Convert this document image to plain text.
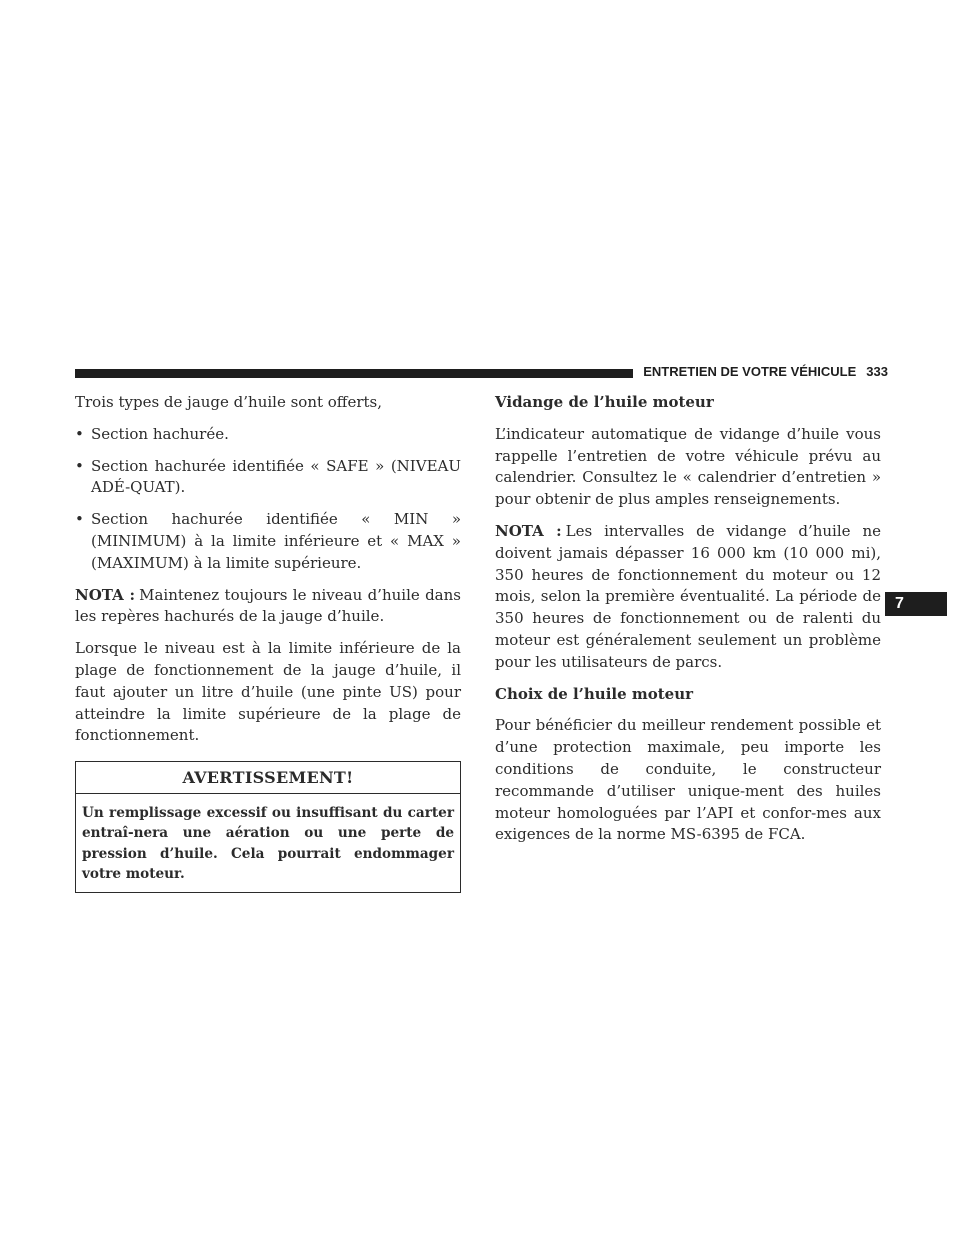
ENTRETIEN DE VOTRE VÉHICULE 333

Trois types de jauge d’huile sont offerts,

• Section hachurée.
• Section hachurée identifiée « SAFE » (NIVEAU ADÉ-QUAT).
• Section hachurée identifiée « MIN » (MINIMUM) à la limite inférieure et « MAX » (MAXIMUM) à la limite supérieure.

NOTA : Maintenez toujours le niveau d’huile dans les repères hachurés de la jauge d’huile.

Lorsque le niveau est à la limite inférieure de la plage de fonctionnement de la jauge d’huile, il faut ajouter un litre d’huile (une pinte US) pour atteindre la limite supérieure de la plage de fonctionnement.

AVERTISSEMENT!
Un remplissage excessif ou insuffisant du carter entraî-nera une aération ou une perte de pression d’huile. Cela pourrait endommager votre moteur.
Vidange de l’huile moteur

L’indicateur automatique de vidange d’huile vous rappelle l’entretien de votre véhicule prévu au calendrier. Consultez le « calendrier d’entretien » pour obtenir de plus amples renseignements.

NOTA : Les intervalles de vidange d’huile ne doivent jamais dépasser 16 000 km (10 000 mi), 350 heures de fonctionnement du moteur ou 12 mois, selon la première éventualité. La période de 350 heures de fonctionnement ou de ralenti du moteur est généralement seulement un problème pour les utilisateurs de parcs.

Choix de l’huile moteur

Pour bénéficier du meilleur rendement possible et d’une protection maximale, peu importe les conditions de conduite, le constructeur recommande d’utiliser unique-ment des huiles moteur homologuées par l’API et confor-mes aux exigences de la norme MS-6395 de FCA.

7
